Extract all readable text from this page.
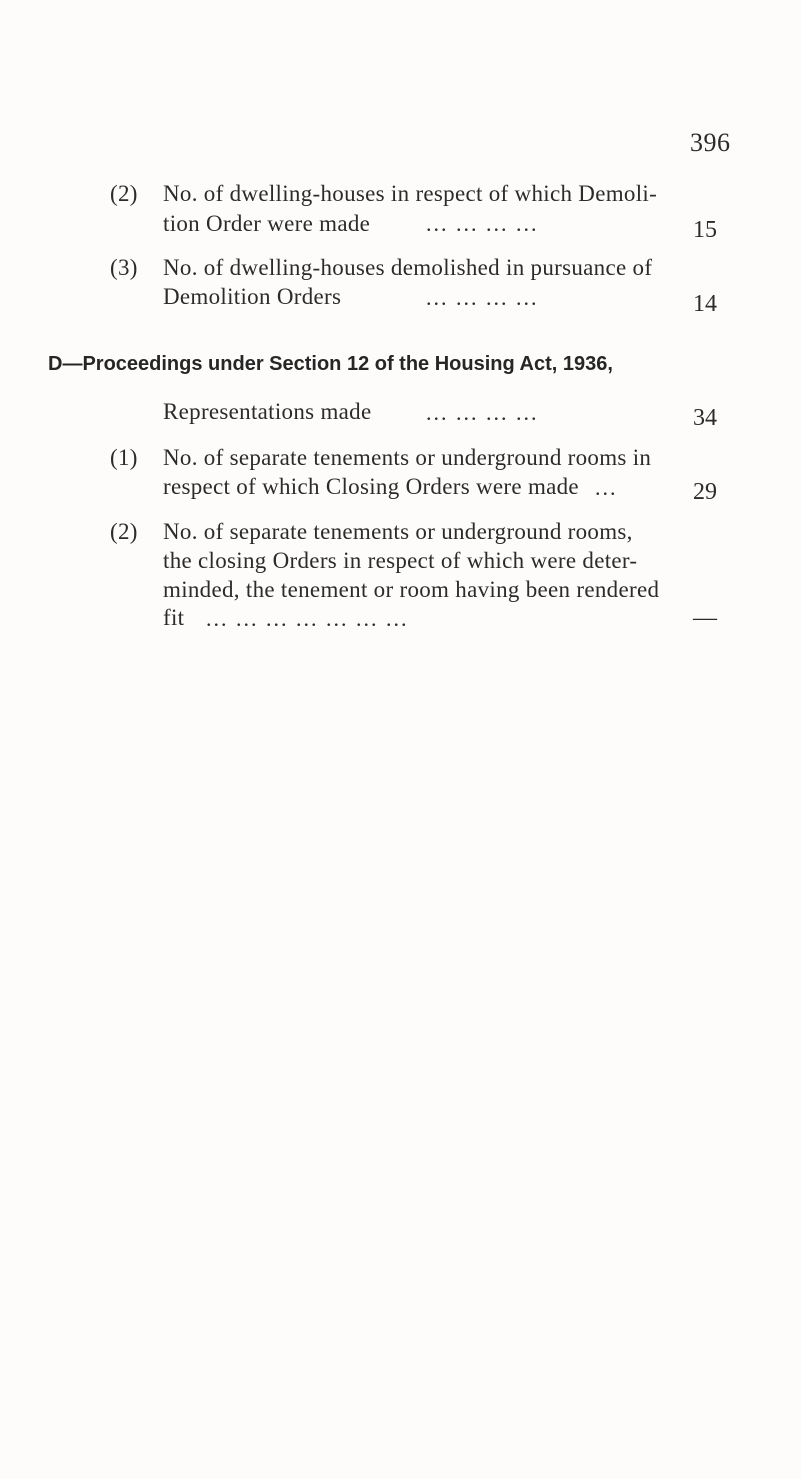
396
(2) No. of dwelling-houses in respect of which Demoli-
tion Order were made	... ... ... ...	15
(3) No. of dwelling-houses demolished in pursuance of
Demolition Orders	... ... ... ...	14
D—Proceedings under Section 12 of the Housing Act, 1936,
Representations made ... ... ... ...	34
(1) No. of separate tenements or underground rooms in
respect of which Closing Orders were made ...	29
(2) No. of separate tenements or underground rooms,
the closing Orders in respect of which were deter-
minded, the tenement or room having been rendered
fit ... ... ... ... ... ... ...	—
